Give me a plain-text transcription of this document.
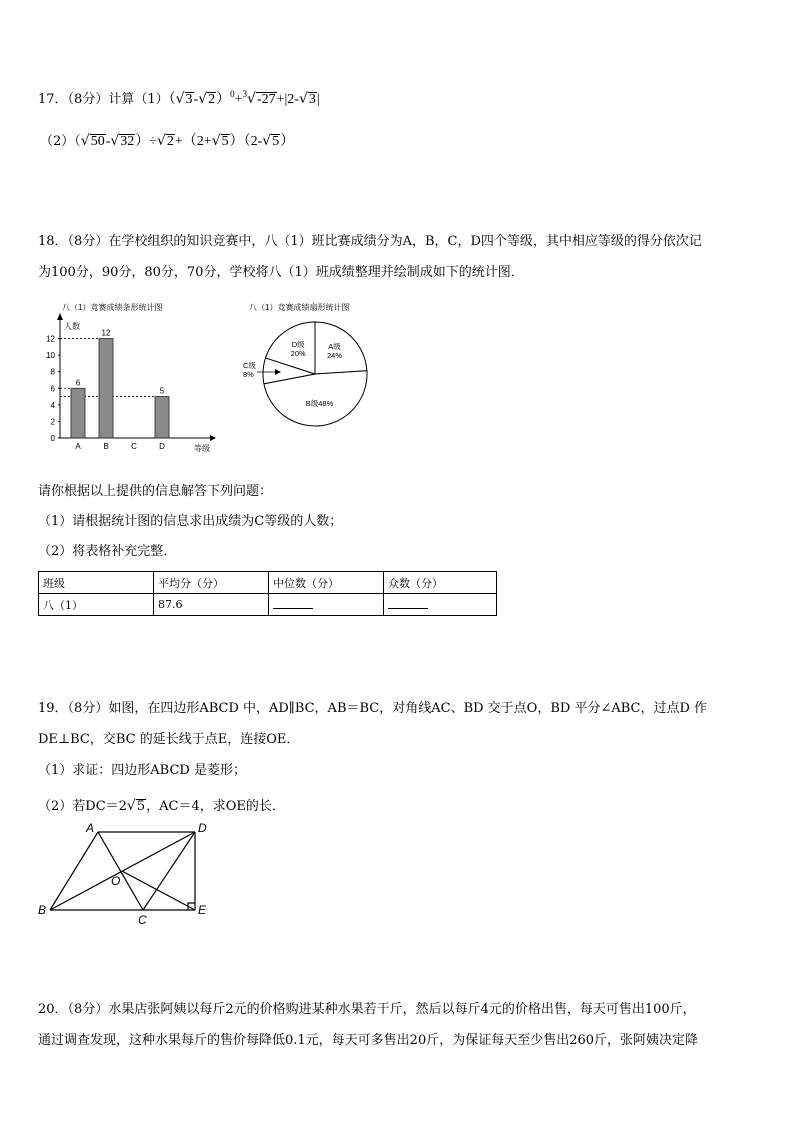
17．（8分）计算$(1)(√3-√2)^0+^3√-27+|2-√3|$
（2）（√50-√32）÷√2+（2+√5）（2-√5）
18．（8分）在学校组织的知识竞赛中，八（1）班比赛成绩分为A，B，C，D四个等级，其中相应等级的得分依次记
为100分，90分，80分，70分，学校将八（1）班成绩整理并绘制成如下的统计图．
八（1）竞赛成绩条形统计图
人数
等级
0
2
4
6
8
10
12
A	B	C	D
6
12
5
八（1）竞赛成绩扇形统计图
A级
24%
B级48%
D级
20%
C级
8%
请你根据以上提供的信息解答下列问题：
（1）请根据统计图的信息求出成绩为C等级的人数；
（2）将表格补充完整．
班级	平均分（分）	中位数（分）	众数（分）
八（1）	87.6		
19．（8分）如图，在四边形ABCD 中，AD∥BC，AB＝BC，对角线AC、BD 交于点O，BD 平分∠ABC，过点D 作
DE⊥BC，交BC 的延长线于点E，连接OE．
（1）求证：四边形ABCD 是菱形；
（2）若DC＝2√5，AC＝4，求OE的长．
A	D
B
C
E
O
20．（8分）水果店张阿姨以每斤2元的价格购进某种水果若干斤，然后以每斤4元的价格出售，每天可售出100斤，
通过调查发现，这种水果每斤的售价每降低0.1元，每天可多售出20斤，为保证每天至少售出260斤，张阿姨决定降
